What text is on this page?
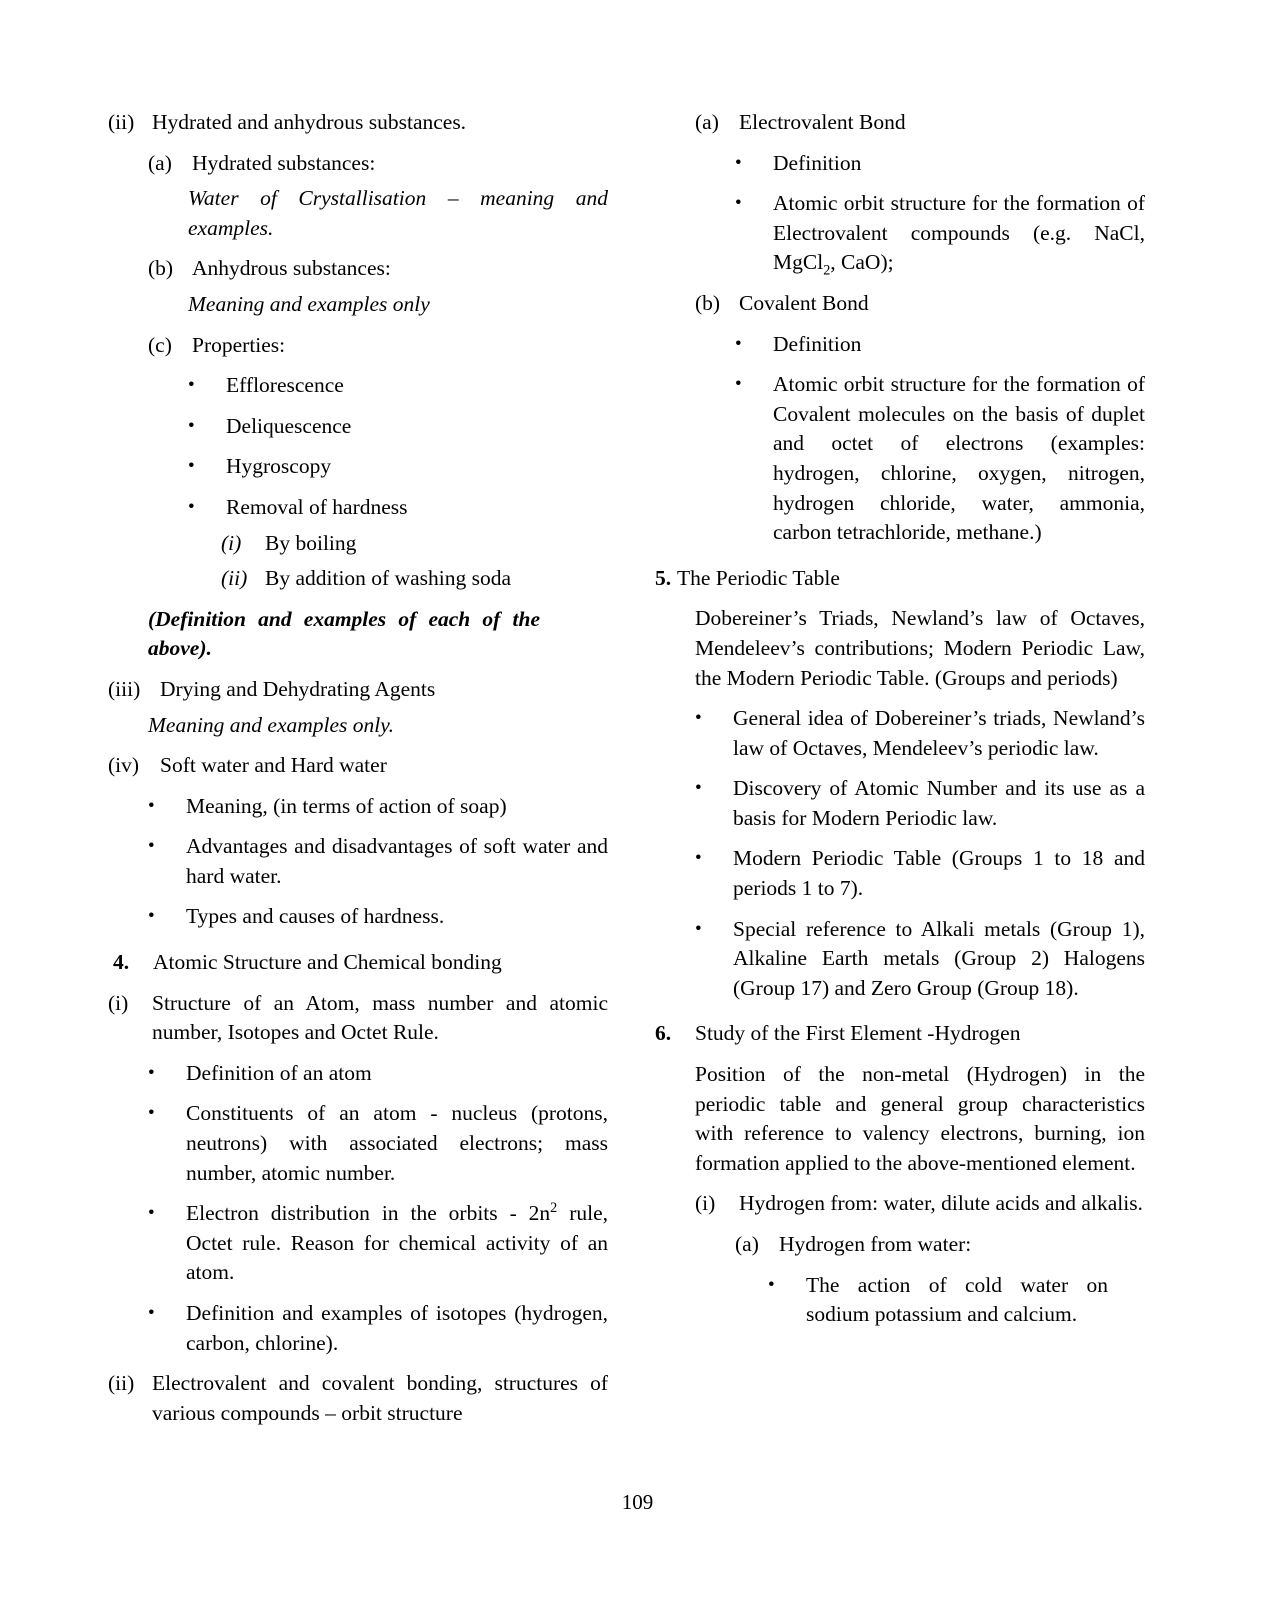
(ii) Hydrated and anhydrous substances.
(a) Hydrated substances:
Water of Crystallisation – meaning and examples.
(b) Anhydrous substances:
Meaning and examples only
(c) Properties:
•	Efflorescence
•	Deliquescence
•	Hygroscopy
•	Removal of hardness
(i)	By boiling
(ii) By addition of washing soda
(Definition and examples of each of the above).
(iii) Drying and Dehydrating Agents
Meaning and examples only.
(iv) Soft water and Hard water
•	Meaning, (in terms of action of soap)
•	Advantages and disadvantages of soft water and hard water.
•	Types and causes of hardness.
4.	Atomic Structure and Chemical bonding
(i)	Structure of an Atom, mass number and atomic number, Isotopes and Octet Rule.
•	Definition of an atom
•	Constituents of an atom - nucleus (protons, neutrons) with associated electrons; mass number, atomic number.
•	Electron distribution in the orbits - $2n^2$ rule, Octet rule. Reason for chemical activity of an atom.
•	Definition and examples of isotopes (hydrogen, carbon, chlorine).
(ii) Electrovalent and covalent bonding, structures of various compounds – orbit structure
(a) Electrovalent Bond
•	Definition
•	Atomic orbit structure for the formation of Electrovalent compounds (e.g. NaCl, MgCl$_2$, CaO);
(b) Covalent Bond
•	Definition
•	Atomic orbit structure for the formation of Covalent molecules on the basis of duplet and octet of electrons (examples: hydrogen, chlorine, oxygen, nitrogen, hydrogen chloride, water, ammonia, carbon tetrachloride, methane.)
5. The Periodic Table
Dobereiner’s Triads, Newland’s law of Octaves, Mendeleev’s contributions; Modern Periodic Law, the Modern Periodic Table. (Groups and periods)
•	General idea of Dobereiner’s triads, Newland’s law of Octaves, Mendeleev’s periodic law.
•	Discovery of Atomic Number and its use as a basis for Modern Periodic law.
•	Modern Periodic Table (Groups 1 to 18 and periods 1 to 7).
•	Special reference to Alkali metals (Group 1), Alkaline Earth metals (Group 2) Halogens (Group 17) and Zero Group (Group 18).
6.	Study of the First Element -Hydrogen
Position of the non-metal (Hydrogen) in the periodic table and general group characteristics with reference to valency electrons, burning, ion formation applied to the above-mentioned element.
(i)	Hydrogen from: water, dilute acids and alkalis.
(a) Hydrogen from water:
•	The action of cold water on sodium potassium and calcium.
109
